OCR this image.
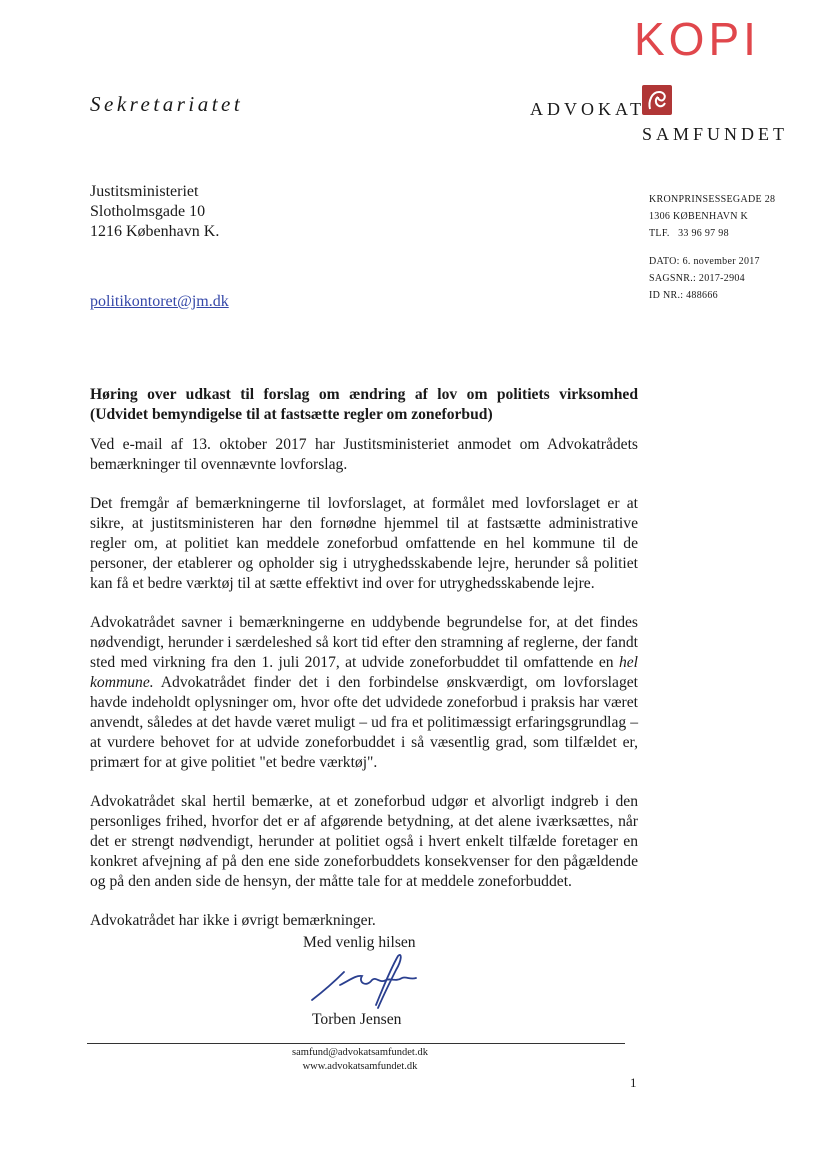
KOPI
Sekretariatet	ADVOKAT
SAMFUNDET
Justitsministeriet
Slotholmsgade 10
1216 København K.
politikontoret@jm.dk
KRONPRINSESSEGADE 28
1306 KØBENHAVN K
TLF.   33 96 97 98
DATO: 6. november 2017
SAGSNR.: 2017-2904
ID NR.: 488666
Høring over udkast til forslag om ændring af lov om politiets virksomhed (Udvidet bemyndigelse til at fastsætte regler om zoneforbud)

Ved e-mail af 13. oktober 2017 har Justitsministeriet anmodet om Advokatrådets bemærkninger til ovennævnte lovforslag.

Det fremgår af bemærkningerne til lovforslaget, at formålet med lovforslaget er at sikre, at justitsministeren har den fornødne hjemmel til at fastsætte administrative regler om, at politiet kan meddele zoneforbud omfattende en hel kommune til de personer, der etablerer og opholder sig i utryghedsskabende lejre, herunder så politiet kan få et bedre værktøj til at sætte effektivt ind over for utryghedsskabende lejre.

Advokatrådet savner i bemærkningerne en uddybende begrundelse for, at det findes nødvendigt, herunder i særdeleshed så kort tid efter den stramning af reglerne, der fandt sted med virkning fra den 1. juli 2017, at udvide zoneforbuddet til omfattende en hel kommune. Advokatrådet finder det i den forbindelse ønskværdigt, om lovforslaget havde indeholdt oplysninger om, hvor ofte det udvidede zoneforbud i praksis har været anvendt, således at det havde været muligt – ud fra et politimæssigt erfaringsgrundlag – at vurdere behovet for at udvide zoneforbuddet i så væsentlig grad, som tilfældet er, primært for at give politiet "et bedre værktøj".

Advokatrådet skal hertil bemærke, at et zoneforbud udgør et alvorligt indgreb i den personliges frihed, hvorfor det er af afgørende betydning, at det alene iværksættes, når det er strengt nødvendigt, herunder at politiet også i hvert enkelt tilfælde foretager en konkret afvejning af på den ene side zoneforbuddets konsekvenser for den pågældende og på den anden side de hensyn, der måtte tale for at meddele zoneforbuddet.

Advokatrådet har ikke i øvrigt bemærkninger.

Med venlig hilsen
Torben Jensen
samfund@advokatsamfundet.dk
www.advokatsamfundet.dk
1
